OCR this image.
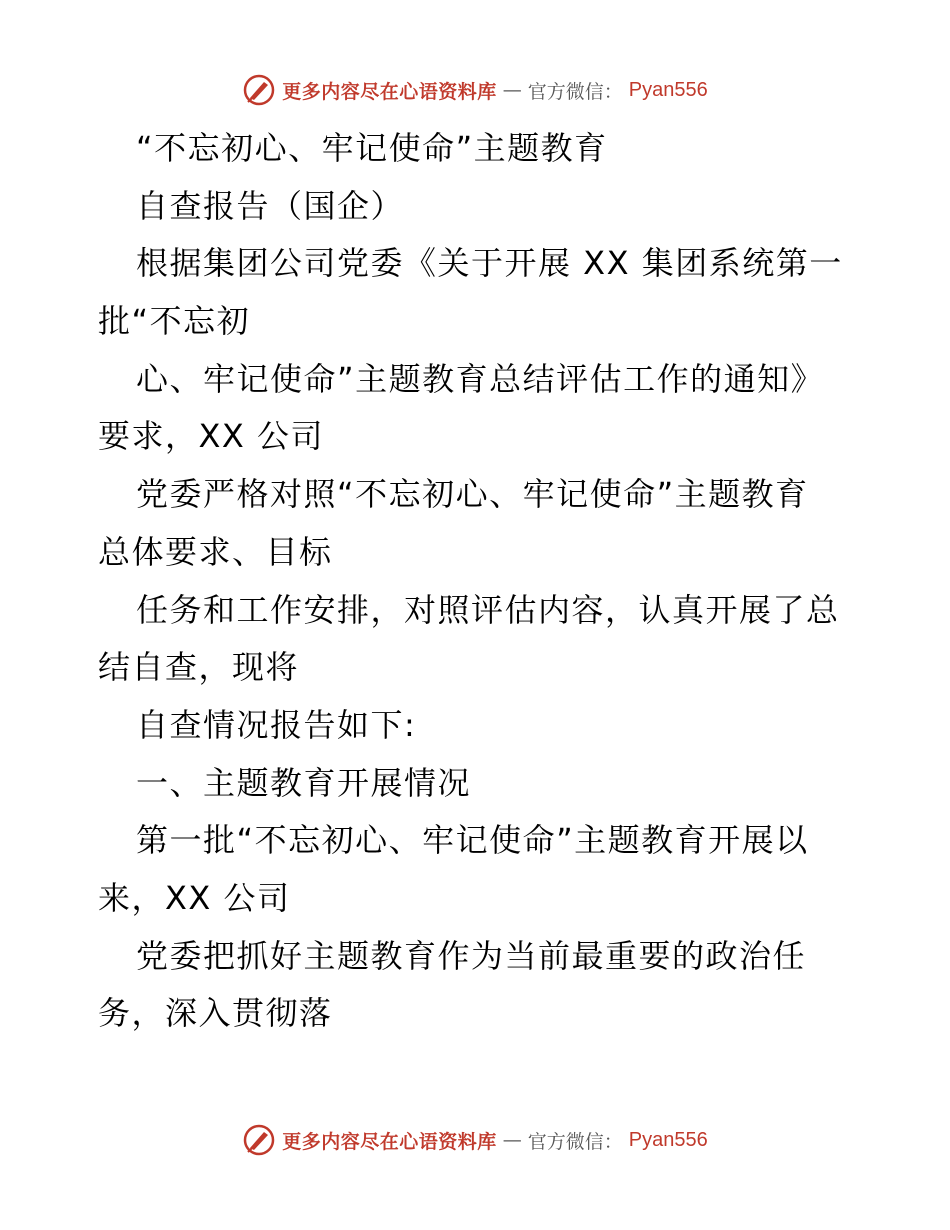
更多内容尽在心语资料库 — 官方微信： Pyan556
“不忘初心、牢记使命”主题教育
自查报告（国企）
根据集团公司党委《关于开展 XX 集团系统第一
批“不忘初
心、牢记使命”主题教育总结评估工作的通知》
要求，XX 公司
党委严格对照“不忘初心、牢记使命”主题教育
总体要求、目标
任务和工作安排，对照评估内容，认真开展了总
结自查，现将
自查情况报告如下:
一、主题教育开展情况
第一批“不忘初心、牢记使命”主题教育开展以
来，XX 公司
党委把抓好主题教育作为当前最重要的政治任
务，深入贯彻落
更多内容尽在心语资料库 — 官方微信： Pyan556
